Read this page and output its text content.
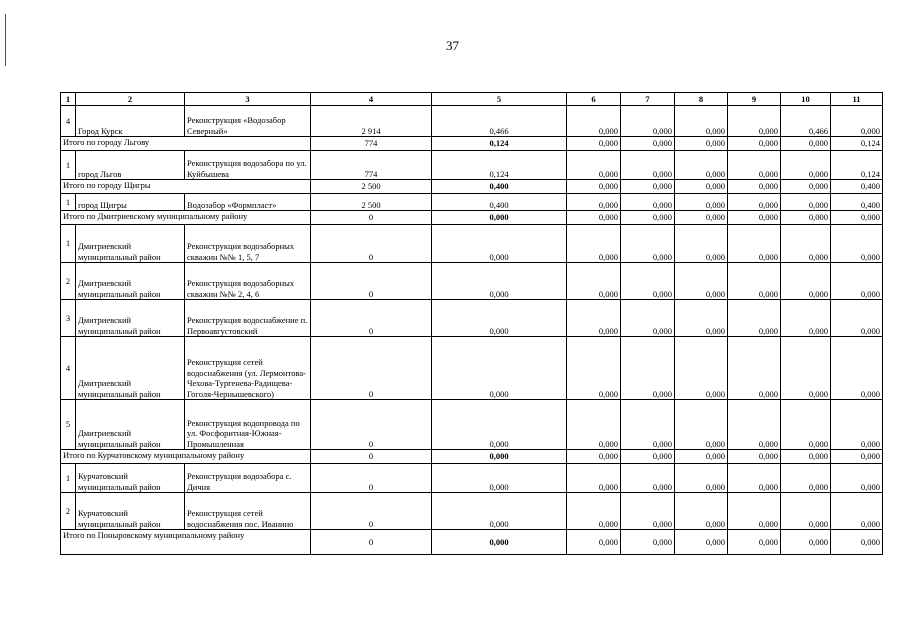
37
1	2	3	4	5	6	7	8	9	10	11
4	Город Курск	Реконструкция «Водозабор Северный»	2 914	0,466	0,000	0,000	0,000	0,000	0,466	0,000
Итого по городу Льгову			774	0,124	0,000	0,000	0,000	0,000	0,000	0,124
1	город Льгов	Реконструкция водозабора по ул. Куйбышева	774	0,124	0,000	0,000	0,000	0,000	0,000	0,124
Итого по городу Щигры			2 500	0,400	0,000	0,000	0,000	0,000	0,000	0,400
1	город Щигры	Водозабор «Формпласт»	2 500	0,400	0,000	0,000	0,000	0,000	0,000	0,400
Итого по Дмитриевскому муниципальному району			0	0,000	0,000	0,000	0,000	0,000	0,000	0,000
1	Дмитриевский муниципальный район	Реконструкция водозаборных скважин №№ 1, 5, 7	0	0,000	0,000	0,000	0,000	0,000	0,000	0,000
2	Дмитриевский муниципальный район	Реконструкция водозаборных скважин №№ 2, 4, 6	0	0,000	0,000	0,000	0,000	0,000	0,000	0,000
3	Дмитриевский муниципальный район	Реконструкция водоснабжение п. Первоавгустовский	0	0,000	0,000	0,000	0,000	0,000	0,000	0,000
4	Дмитриевский муниципальный район	Реконструкция сетей водоснабжения (ул. Лермонтова-Чехова-Тургенева-Радищева-Гоголя-Чернышевского)	0	0,000	0,000	0,000	0,000	0,000	0,000	0,000
5	Дмитриевский муниципальный район	Реконструкция водопровода по ул. Фосфоритная-Южная-Промышленная	0	0,000	0,000	0,000	0,000	0,000	0,000	0,000
Итого по Курчатовскому муниципальному району			0	0,000	0,000	0,000	0,000	0,000	0,000	0,000
1	Курчатовский муниципальный район	Реконструкция водозабора с. Дичня	0	0,000	0,000	0,000	0,000	0,000	0,000	0,000
2	Курчатовский муниципальный район	Реконструкция сетей водоснабжения пос. Иванино	0	0,000	0,000	0,000	0,000	0,000	0,000	0,000
Итого по Поныровскому муниципальному району			0	0,000	0,000	0,000	0,000	0,000	0,000	0,000
